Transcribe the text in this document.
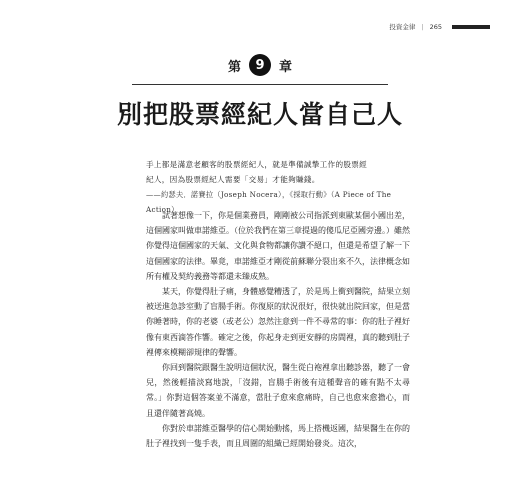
投資金律 | 265
第	9	章
別把股票經紀人當自己人

手上都是滿意老顧客的股票經紀人，就是準備誠摯工作的股票經

紀人，因為股票經紀人需要「交易」才能夠賺錢。

——約瑟夫．諾賽拉（Joseph Nocera），《採取行動》（A Piece of The Action）

試著想像一下，你是個業務員，剛剛被公司指派到東歐某個小國出差，這個國家叫做車諾維亞。（位於我們在第三章提過的傻瓜尼亞國旁邊。）雖然你覺得這個國家的天氣、文化與食物都讓你讚不絕口，但還是希望了解一下這個國家的法律。畢竟，車諾維亞才剛從前蘇聯分裂出來不久，法律概念如所有權及契約義務等都還未臻成熟。

某天，你覺得肚子痛，身體感覺糟透了，於是馬上衝到醫院，結果立刻被送進急診室動了盲腸手術。你復原的狀況很好，很快就出院回家，但是當你睡著時，你的老婆（或老公）忽然注意到一件不尋常的事：你的肚子裡好像有東西滴答作響。確定之後，你起身走到更安靜的房間裡，真的聽到肚子裡傳來模糊卻規律的聲響。

你回到醫院跟醫生說明這個狀況，醫生從白袍裡拿出聽診器，聽了一會兒，然後輕描淡寫地說，「沒錯，盲腸手術後有這種聲音的確有點不太尋常。」你對這個答案並不滿意，當肚子愈來愈痛時，自己也愈來愈擔心，而且還伴隨著高燒。

你對於車諾維亞醫學的信心開始動搖，馬上搭機返國，結果醫生在你的肚子裡找到一隻手表，而且周圍的組織已經開始發炎。這次，
